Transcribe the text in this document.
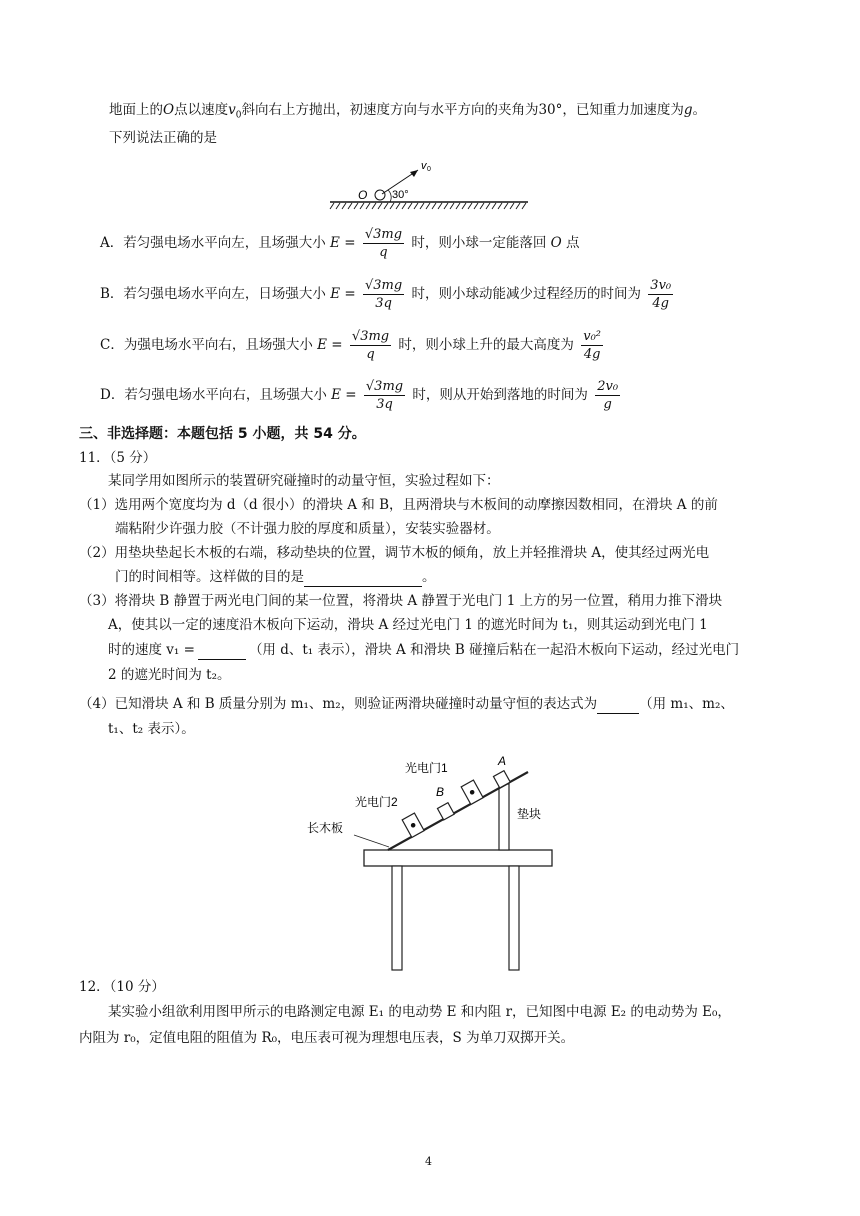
地面上的O点以速度$v_0$斜向右上方抛出，初速度方向与水平方向的夹角为30°，已知重力加速度为g。
下列说法正确的是
O 30°
v 0
A．若匀强电场水平向左，且场强大小 $E = \frac{√3mg}{q}$ 时，则小球一定能落回 O 点
B．若匀强电场水平向左，日场强大小 $E = \frac{√3mg}{3q}$ 时，则小球动能减少过程经历的时间为 $\frac{\text{3v₀}}{4g}$
C．为强电场水平向右，且场强大小 $E = \frac{√3mg}{q}$ 时，则小球上升的最大高度为 $\frac{\text{v₀²}}{4g}$
D．若匀强电场水平向右，且场强大小 $E = \frac{√3mg}{3q}$ 时，则从开始到落地的时间为 $\frac{\text{2v₀}}{g}$
三、非选择题：本题包括 5 小题，共 54 分。
11．（5 分）
某同学用如图所示的装置研究碰撞时的动量守恒，实验过程如下：
（1）选用两个宽度均为 d（d 很小）的滑块 A 和 B，且两滑块与木板间的动摩擦因数相同，在滑块 A 的前
端粘附少许强力胶（不计强力胶的厚度和质量），安装实验器材。
（2）用垫块垫起长木板的右端，移动垫块的位置，调节木板的倾角，放上并轻推滑块 A，使其经过两光电
门的时间相等。这样做的目的是	。
（3）将滑块 B 静置于两光电门间的某一位置，将滑块 A 静置于光电门 1 上方的另一位置，稍用力推下滑块
A，使其以一定的速度沿木板向下运动，滑块 A 经过光电门 1 的遮光时间为 t₁，则其运动到光电门 1
时的速度 v₁ =	（用 d、t₁ 表示），滑块 A 和滑块 B 碰撞后粘在一起沿木板向下运动，经过光电门
2 的遮光时间为 t₂。
（4）已知滑块 A 和 B 质量分别为 m₁、m₂，则验证两滑块碰撞时动量守恒的表达式为	（用 m₁、m₂、
t₁、t₂ 表示）。
光电门1	A
B
光电门2
长木板
垫块
12．（10 分）
某实验小组欲利用图甲所示的电路测定电源 E₁ 的电动势 E 和内阻 r，已知图中电源 E₂ 的电动势为 E₀，
内阻为 r₀，定值电阻的阻值为 R₀，电压表可视为理想电压表，S 为单刀双掷开关。
4
